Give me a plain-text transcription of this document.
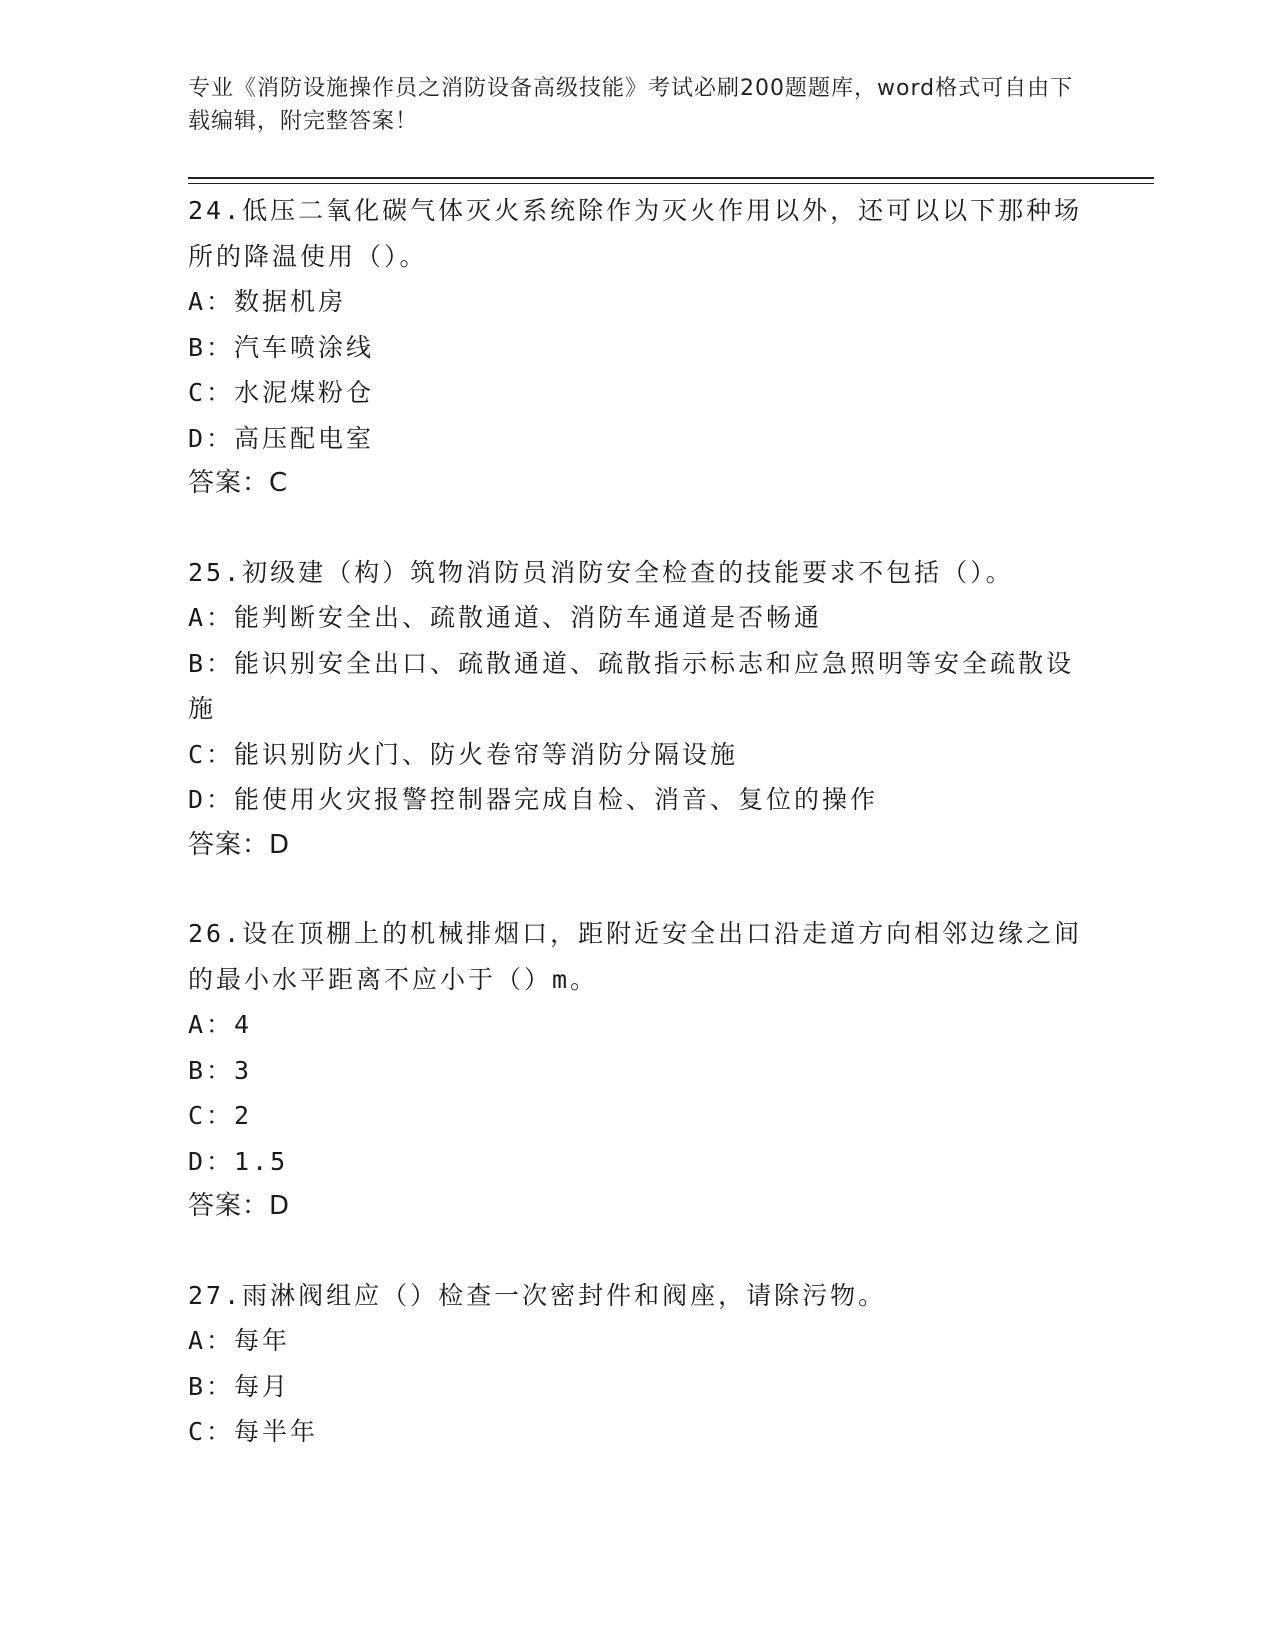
专业《消防设施操作员之消防设备高级技能》考试必刷200题题库，word格式可自由下载编辑，附完整答案！

24.低压二氧化碳气体灭火系统除作为灭火作用以外，还可以以下那种场所的降温使用（）。

A：数据机房

B：汽车喷涂线

C：水泥煤粉仓

D：高压配电室

答案：C

25.初级建（构）筑物消防员消防安全检查的技能要求不包括（）。

A：能判断安全出、疏散通道、消防车通道是否畅通

B：能识别安全出口、疏散通道、疏散指示标志和应急照明等安全疏散设施

C：能识别防火门、防火卷帘等消防分隔设施

D：能使用火灾报警控制器完成自检、消音、复位的操作

答案：D

26.设在顶棚上的机械排烟口，距附近安全出口沿走道方向相邻边缘之间的最小水平距离不应小于（）m。

A：4

B：3

C：2

D：1.5

答案：D

27.雨淋阀组应（）检查一次密封件和阀座，请除污物。

A：每年

B：每月

C：每半年
